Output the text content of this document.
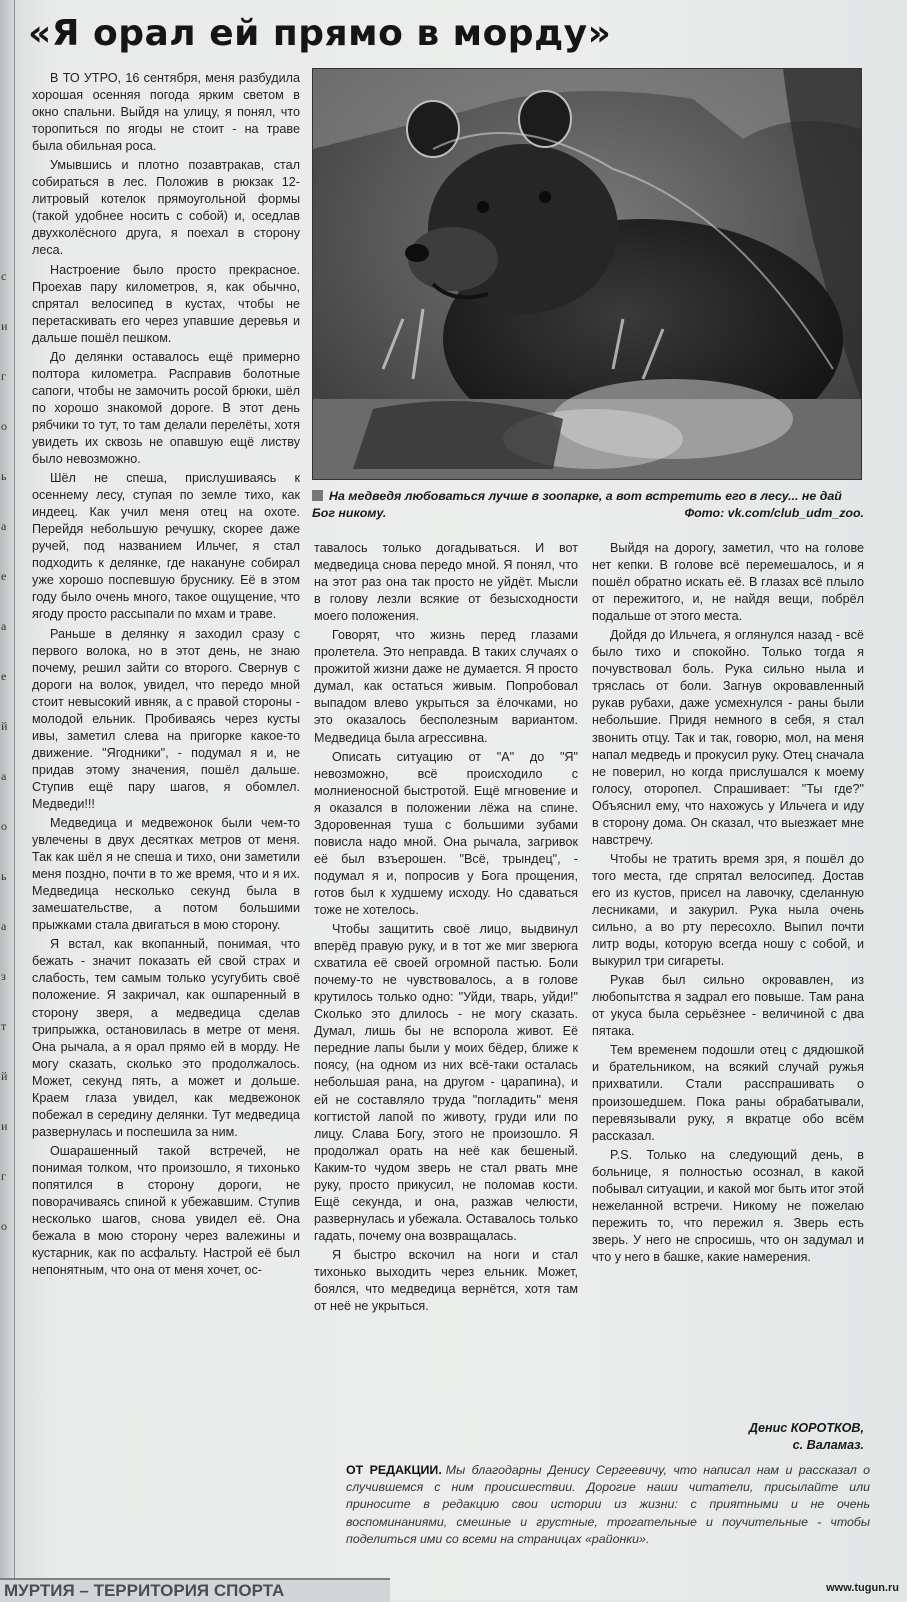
с
и
г
о
ь
а
е
а
е
й
а
о
ь
а
з
т
й
и
г
о
«Я орал ей прямо в морду»

В ТО УТРО, 16 сентября, меня разбудила хорошая осенняя погода ярким светом в окно спальни. Выйдя на улицу, я понял, что торопиться по ягоды не стоит - на траве была обильная роса.

Умывшись и плотно позавтракав, стал собираться в лес. Положив в рюкзак 12-литровый котелок прямоугольной формы (такой удобнее носить с собой) и, оседлав двухколёсного друга, я поехал в сторону леса.

Настроение было просто прекрасное. Проехав пару километров, я, как обычно, спрятал велосипед в кустах, чтобы не перетаскивать его через упавшие деревья и дальше пошёл пешком.

До делянки оставалось ещё примерно полтора километра. Расправив болотные сапоги, чтобы не замочить росой брюки, шёл по хорошо знакомой дороге. В этот день рябчики то тут, то там делали перелёты, хотя увидеть их сквозь не опавшую ещё листву было невозможно.

Шёл не спеша, прислушиваясь к осеннему лесу, ступая по земле тихо, как индеец. Как учил меня отец на охоте. Перейдя небольшую речушку, скорее даже ручей, под названием Ильчег, я стал подходить к делянке, где накануне собирал уже хорошо поспевшую бруснику. Её в этом году было очень много, такое ощущение, что ягоду просто рассыпали по мхам и траве.

Раньше в делянку я заходил сразу с первого волока, но в этот день, не знаю почему, решил зайти со второго. Свернув с дороги на волок, увидел, что передо мной стоит невысокий ивняк, а с правой стороны - молодой ельник. Пробиваясь через кусты ивы, заметил слева на пригорке какое-то движение. "Ягодники", - подумал я и, не придав этому значения, пошёл дальше. Ступив ещё пару шагов, я обомлел. Медведи!!!

Медведица и медвежонок были чем-то увлечены в двух десятках метров от меня. Так как шёл я не спеша и тихо, они заметили меня поздно, почти в то же время, что и я их. Медведица несколько секунд была в замешательстве, а потом большими прыжками стала двигаться в мою сторону.

Я встал, как вкопанный, понимая, что бежать - значит показать ей свой страх и слабость, тем самым только усугубить своё положение. Я закричал, как ошпаренный в сторону зверя, а медведица сделав трипрыжка, остановилась в метре от меня. Она рычала, а я орал прямо ей в морду. Не могу сказать, сколько это продолжалось. Может, секунд пять, а может и дольше. Краем глаза увидел, как медвежонок побежал в середину делянки. Тут медведица развернулась и поспешила за ним.

Ошарашенный такой встречей, не понимая толком, что произошло, я тихонько попятился в сторону дороги, не поворачиваясь спиной к убежавшим. Ступив несколько шагов, снова увидел её. Она бежала в мою сторону через валежины и кустарник, как по асфальту. Настрой её был непонятным, что она от меня хочет, ос-

На медведя любоваться лучше в зоопарке, а вот встретить его в лесу... не дай Бог никому.	Фото: vk.com/club_udm_zoo.

тавалось только догадываться. И вот медведица снова передо мной. Я понял, что на этот раз она так просто не уйдёт. Мысли в голову лезли всякие от безысходности моего положения.

Говорят, что жизнь перед глазами пролетела. Это неправда. В таких случаях о прожитой жизни даже не думается. Я просто думал, как остаться живым. Попробовал выпадом влево укрыться за ёлочками, но это оказалось бесполезным вариантом. Медведица была агрессивна.

Описать ситуацию от "А" до "Я" невозможно, всё происходило с молниеносной быстротой. Ещё мгновение и я оказался в положении лёжа на спине. Здоровенная туша с большими зубами повисла надо мной. Она рычала, загривок её был взъерошен. "Всё, трындец", - подумал я и, попросив у Бога прощения, готов был к худшему исходу. Но сдаваться тоже не хотелось.

Чтобы защитить своё лицо, выдвинул вперёд правую руку, и в тот же миг зверюга схватила её своей огромной пастью. Боли почему-то не чувствовалось, а в голове крутилось только одно: "Уйди, тварь, уйди!" Сколько это длилось - не могу сказать. Думал, лишь бы не вспорола живот. Её передние лапы были у моих бёдер, ближе к поясу, (на одном из них всё-таки осталась небольшая рана, на другом - царапина), и ей не составляло труда "погладить" меня когтистой лапой по животу, груди или по лицу. Слава Богу, этого не произошло. Я продолжал орать на неё как бешеный. Каким-то чудом зверь не стал рвать мне руку, просто прикусил, не поломав кости. Ещё секунда, и она, разжав челюсти, развернулась и убежала. Оставалось только гадать, почему она возвращалась.

Я быстро вскочил на ноги и стал тихонько выходить через ельник. Может, боялся, что медведица вернётся, хотя там от неё не укрыться.

Выйдя на дорогу, заметил, что на голове нет кепки. В голове всё перемешалось, и я пошёл обратно искать её. В глазах всё плыло от пережитого, и, не найдя вещи, побрёл подальше от этого места.

Дойдя до Ильчега, я оглянулся назад - всё было тихо и спокойно. Только тогда я почувствовал боль. Рука сильно ныла и тряслась от боли. Загнув окровавленный рукав рубахи, даже усмехнулся - раны были небольшие. Придя немного в себя, я стал звонить отцу. Так и так, говорю, мол, на меня напал медведь и прокусил руку. Отец сначала не поверил, но когда прислушался к моему голосу, оторопел. Спрашивает: "Ты где?" Объяснил ему, что нахожусь у Ильчега и иду в сторону дома. Он сказал, что выезжает мне навстречу.

Чтобы не тратить время зря, я пошёл до того места, где спрятал велосипед. Достав его из кустов, присел на лавочку, сделанную лесниками, и закурил. Рука ныла очень сильно, а во рту пересохло. Выпил почти литр воды, которую всегда ношу с собой, и выкурил три сигареты.

Рукав был сильно окровавлен, из любопытства я задрал его повыше. Там рана от укуса была серьёзнее - величиной с два пятака.

Тем временем подошли отец с дядюшкой и брательником, на всякий случай ружья прихватили. Стали расспрашивать о произошедшем. Пока раны обрабатывали, перевязывали руку, я вкратце обо всём рассказал.

P.S. Только на следующий день, в больнице, я полностью осознал, в какой побывал ситуации, и какой мог быть итог этой нежеланной встречи. Никому не пожелаю пережить то, что пережил я. Зверь есть зверь. У него не спросишь, что он задумал и что у него в башке, какие намерения.

Денис КОРОТКОВ,
с. Валамаз.
ОТ РЕДАКЦИИ. Мы благодарны Денису Сергеевичу, что написал нам и рассказал о случившемся с ним происшествии. Дорогие наши читатели, присылайте или приносите в редакцию свои истории из жизни: с приятными и не очень воспоминаниями, смешные и грустные, трогательные и поучительные - чтобы поделиться ими со всеми на страницах «районки».
МУРТИЯ – ТЕРРИТОРИЯ СПОРТА	www.tugun.ru
